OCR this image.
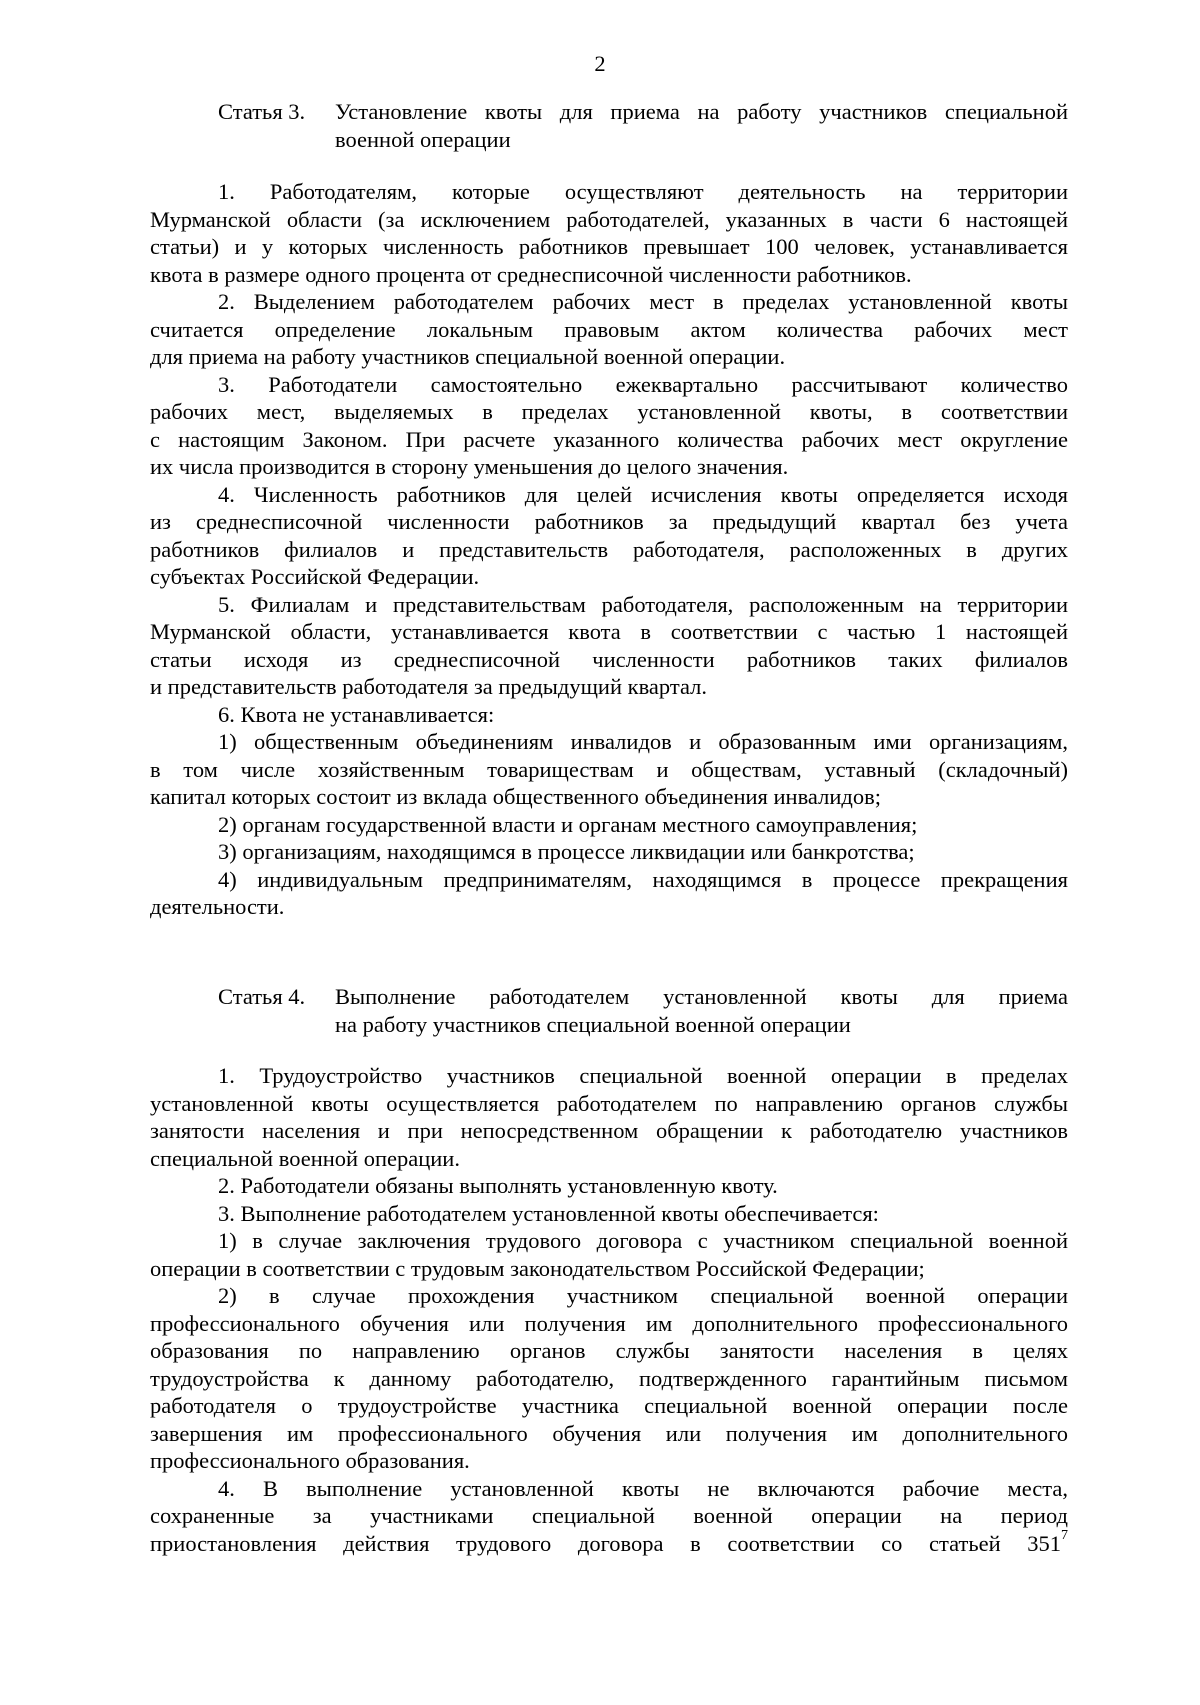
2
Статья 3.	Установление квоты для приема на работу участников специальной
военной операции
1. Работодателям, которые осуществляют деятельность на территории
Мурманской области (за исключением работодателей, указанных в части 6 настоящей
статьи) и у которых численность работников превышает 100 человек, устанавливается
квота в размере одного процента от среднесписочной численности работников.
2. Выделением работодателем рабочих мест в пределах установленной квоты
считается определение локальным правовым актом количества рабочих мест
для приема на работу участников специальной военной операции.
3. Работодатели самостоятельно ежеквартально рассчитывают количество
рабочих мест, выделяемых в пределах установленной квоты, в соответствии
с настоящим Законом. При расчете указанного количества рабочих мест округление
их числа производится в сторону уменьшения до целого значения.
4. Численность работников для целей исчисления квоты определяется исходя
из среднесписочной численности работников за предыдущий квартал без учета
работников филиалов и представительств работодателя, расположенных в других
субъектах Российской Федерации.
5. Филиалам и представительствам работодателя, расположенным на территории
Мурманской области, устанавливается квота в соответствии с частью 1 настоящей
статьи исходя из среднесписочной численности работников таких филиалов
и представительств работодателя за предыдущий квартал.
6. Квота не устанавливается:
1) общественным объединениям инвалидов и образованным ими организациям,
в том числе хозяйственным товариществам и обществам, уставный (складочный)
капитал которых состоит из вклада общественного объединения инвалидов;
2) органам государственной власти и органам местного самоуправления;
3) организациям, находящимся в процессе ликвидации или банкротства;
4) индивидуальным предпринимателям, находящимся в процессе прекращения
деятельности.
Статья 4.	Выполнение работодателем установленной квоты для приема
на работу участников специальной военной операции
1. Трудоустройство участников специальной военной операции в пределах
установленной квоты осуществляется работодателем по направлению органов службы
занятости населения и при непосредственном обращении к работодателю участников
специальной военной операции.
2. Работодатели обязаны выполнять установленную квоту.
3. Выполнение работодателем установленной квоты обеспечивается:
1) в случае заключения трудового договора с участником специальной военной
операции в соответствии с трудовым законодательством Российской Федерации;
2) в случае прохождения участником специальной военной операции
профессионального обучения или получения им дополнительного профессионального
образования по направлению органов службы занятости населения в целях
трудоустройства к данному работодателю, подтвержденного гарантийным письмом
работодателя о трудоустройстве участника специальной военной операции после
завершения им профессионального обучения или получения им дополнительного
профессионального образования.
4. В выполнение установленной квоты не включаются рабочие места,
сохраненные за участниками специальной военной операции на период
приостановления действия трудового договора в соответствии со статьей $351^7$
